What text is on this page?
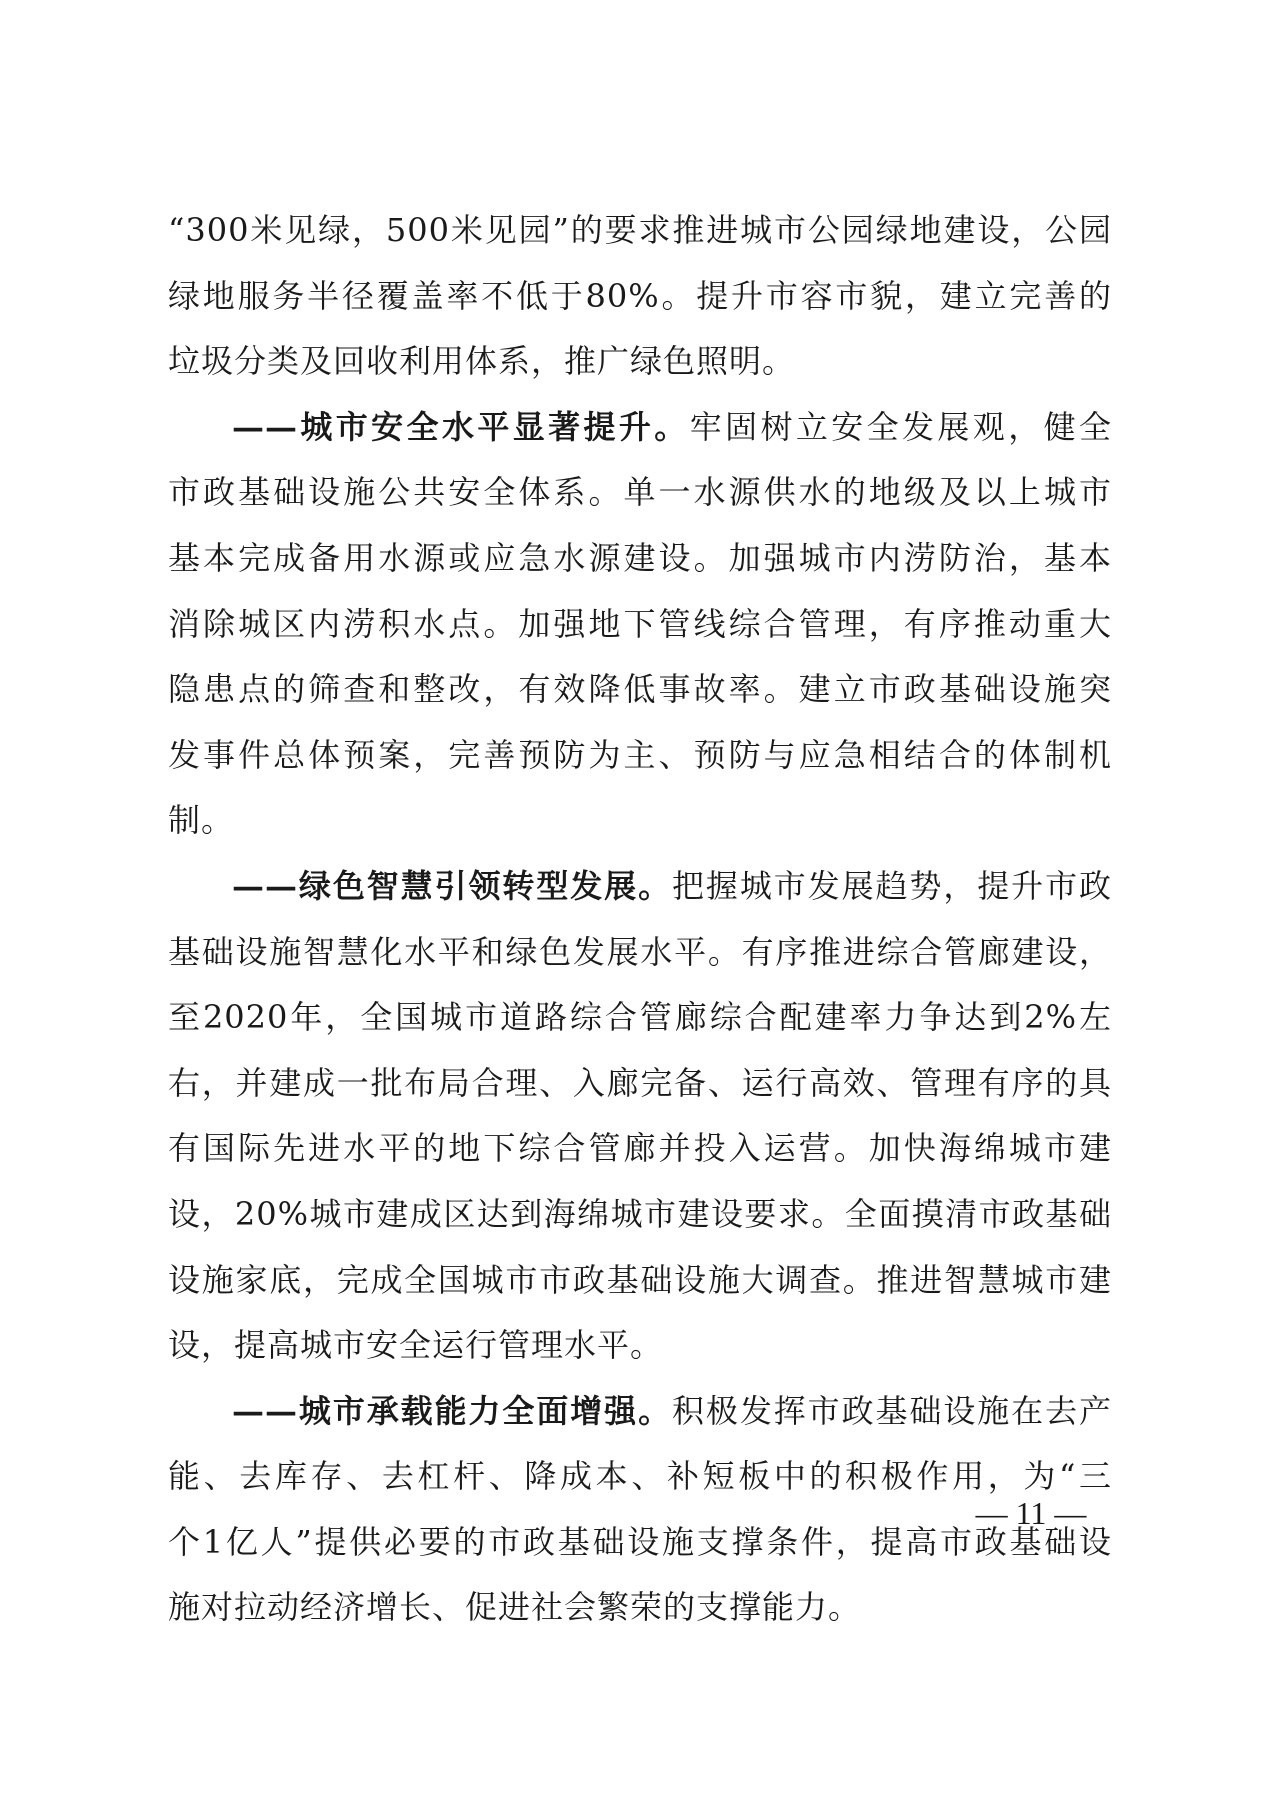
“300米见绿，500米见园”的要求推进城市公园绿地建设，公园
绿地服务半径覆盖率不低于80%。提升市容市貌，建立完善的
垃圾分类及回收利用体系，推广绿色照明。
——城市安全水平显著提升。牢固树立安全发展观，健全
市政基础设施公共安全体系。单一水源供水的地级及以上城市
基本完成备用水源或应急水源建设。加强城市内涝防治，基本
消除城区内涝积水点。加强地下管线综合管理，有序推动重大
隐患点的筛查和整改，有效降低事故率。建立市政基础设施突
发事件总体预案，完善预防为主、预防与应急相结合的体制机
制。
——绿色智慧引领转型发展。把握城市发展趋势，提升市政
基础设施智慧化水平和绿色发展水平。有序推进综合管廊建设，
至2020年，全国城市道路综合管廊综合配建率力争达到2%左
右，并建成一批布局合理、入廊完备、运行高效、管理有序的具
有国际先进水平的地下综合管廊并投入运营。加快海绵城市建
设，20%城市建成区达到海绵城市建设要求。全面摸清市政基础
设施家底，完成全国城市市政基础设施大调查。推进智慧城市建
设，提高城市安全运行管理水平。
——城市承载能力全面增强。积极发挥市政基础设施在去产
能、去库存、去杠杆、降成本、补短板中的积极作用，为“三
个1亿人”提供必要的市政基础设施支撑条件，提高市政基础设
施对拉动经济增长、促进社会繁荣的支撑能力。
— 11 —
